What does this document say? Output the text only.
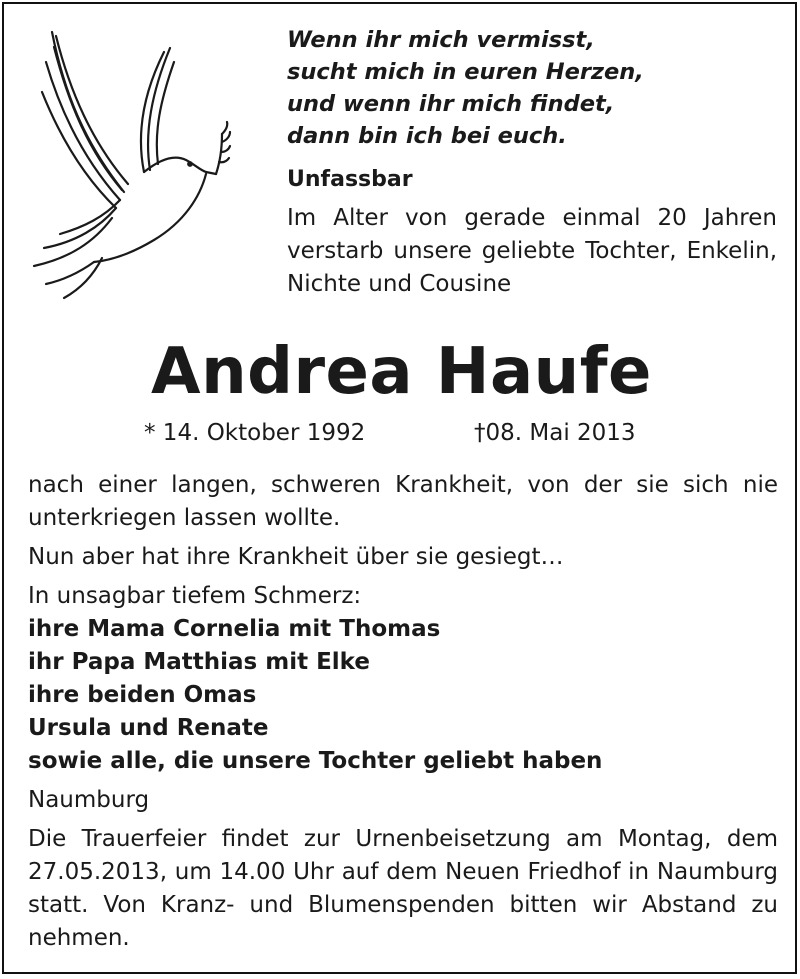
Wenn ihr mich vermisst,
sucht mich in euren Herzen,
und wenn ihr mich findet,
dann bin ich bei euch.

Unfassbar

Im Alter von gerade einmal 20 Jahren verstarb unsere geliebte Tochter, Enkelin, Nichte und Cousine

Andrea Haufe

* 14. Oktober 1992	†08. Mai 2013

nach einer langen, schweren Krankheit, von der sie sich nie unterkriegen lassen wollte.

Nun aber hat ihre Krankheit über sie gesiegt…

In unsagbar tiefem Schmerz:

ihre Mama Cornelia mit Thomas

ihr Papa Matthias mit Elke

ihre beiden Omas

Ursula und Renate

sowie alle, die unsere Tochter geliebt haben

Naumburg

Die Trauerfeier findet zur Urnenbeisetzung am Montag, dem 27.05.2013, um 14.00 Uhr auf dem Neuen Friedhof in Naumburg statt. Von Kranz- und Blumenspenden bitten wir Abstand zu nehmen.
